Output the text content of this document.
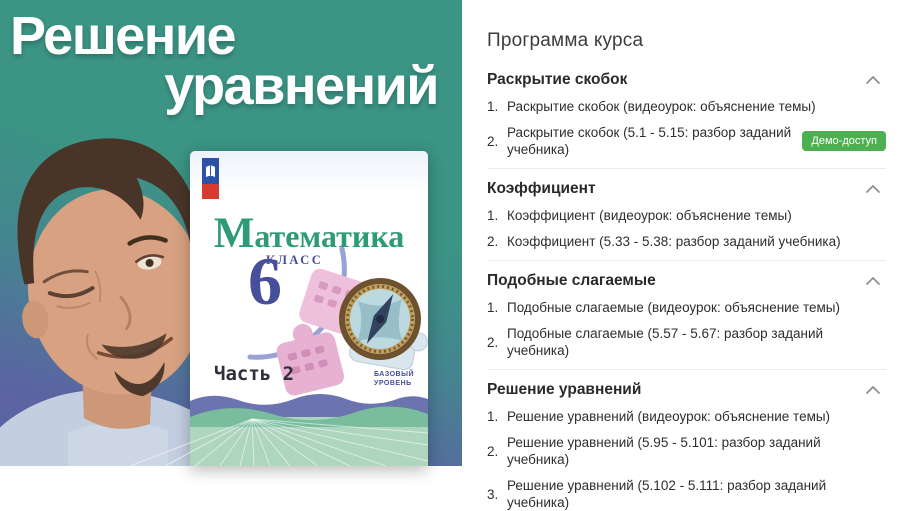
Математика
КЛАСС
6
Часть 2	БАЗОВЫЙ
УРОВЕНЬ
Решение
уравнений
Программа курса
Раскрытие скобок
1. Раскрытие скобок (видеоурок: объяснение темы)
2.
Раскрытие скобок (5.1 - 5.15: разбор заданий учебника)
Демо-доступ
Коэффициент
1. Коэффициент (видеоурок: объяснение темы)
2. Коэффициент (5.33 - 5.38: разбор заданий учебника)
Подобные слагаемые
1. Подобные слагаемые (видеоурок: объяснение темы)
2.
Подобные слагаемые (5.57 - 5.67: разбор заданий учебника)
Решение уравнений
1. Решение уравнений (видеоурок: объяснение темы)
2.
Решение уравнений (5.95 - 5.101: разбор заданий учебника)
3.
Решение уравнений (5.102 - 5.111: разбор заданий учебника)
